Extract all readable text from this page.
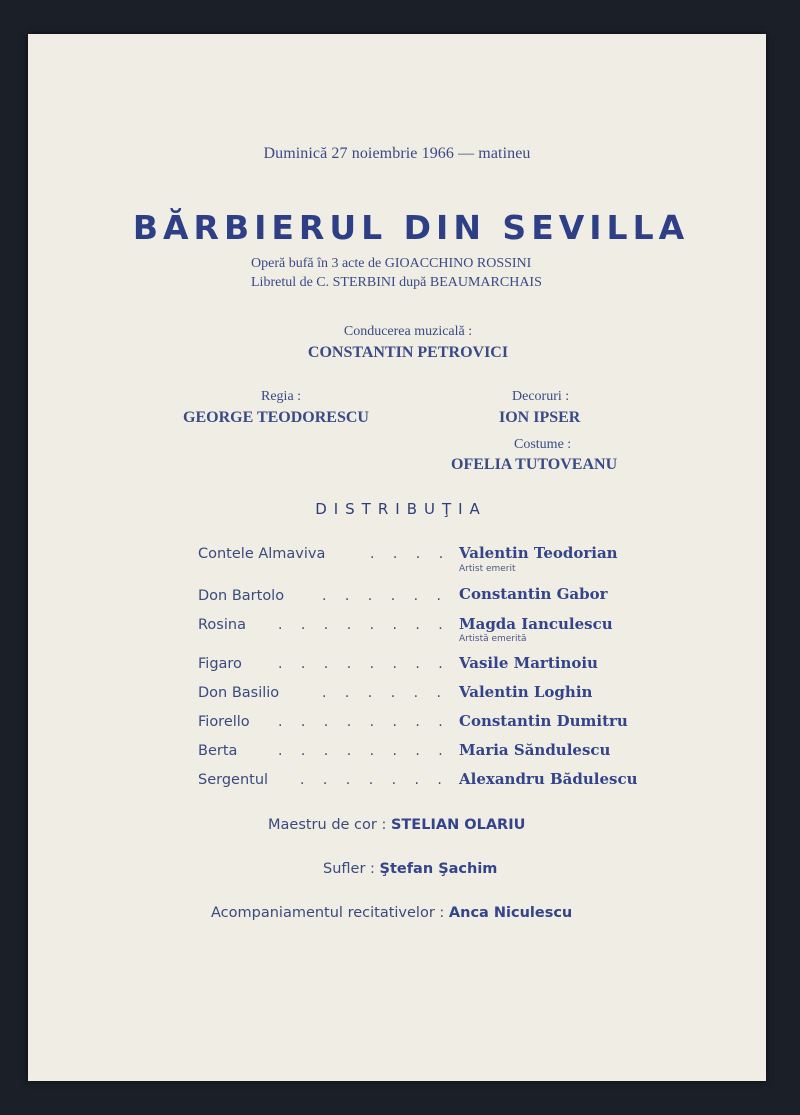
Duminică 27 noiembrie 1966 — matineu
BĂRBIERUL DIN SEVILLA
Operă bufă în 3 acte de GIOACCHINO ROSSINI
Libretul de C. STERBINI după BEAUMARCHAIS
Conducerea muzicală :
CONSTANTIN PETROVICI
Regia :
GEORGE TEODORESCU
Decoruri :
ION IPSER
Costume :
OFELIA TUTOVEANU
DISTRIBUŢIA
Contele Almaviva	. . . . Valentin Teodorian
Artist emerit
Don Bartolo	. . . . . . Constantin Gabor
Rosina . . . . . . . . Magda Ianculescu
Artistă emerită
Figaro	. . . . . . . . Vasile Martinoiu
Don Basilio	. . . . . . Valentin Loghin
Fiorello . . . . . . . . Constantin Dumitru
Berta	. . . . . . . . Maria Săndulescu
Sergentul . . . . . . . Alexandru Bădulescu
Maestru de cor : STELIAN OLARIU
Sufler : Ştefan Şachim
Acompaniamentul recitativelor : Anca Niculescu
